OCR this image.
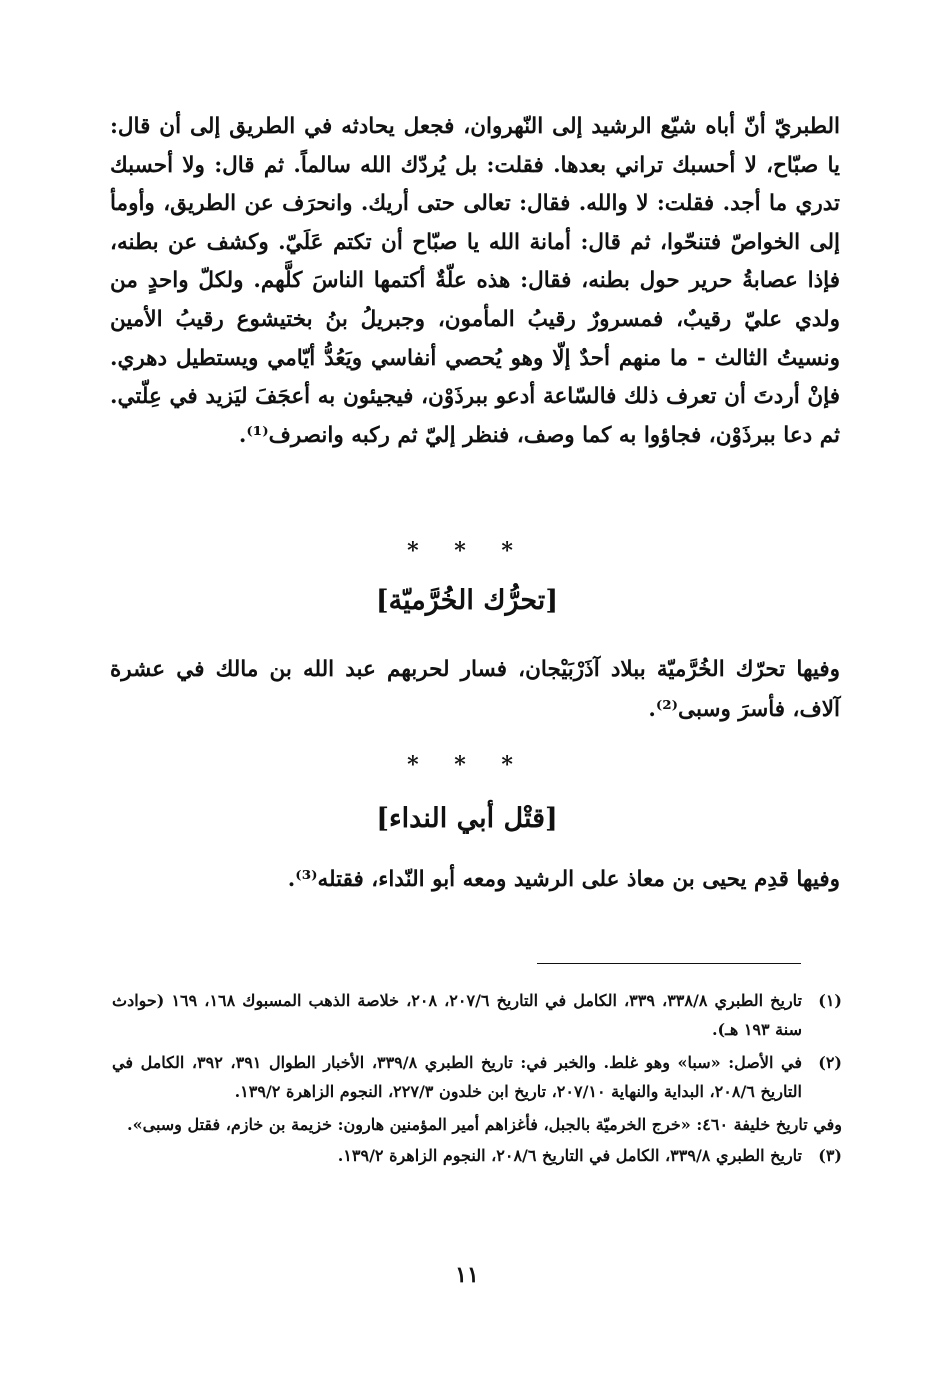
الطبريّ أنّ أباه شيّع الرشيد إلى النّهروان، فجعل يحادثه في الطريق إلى أن قال: يا صبّاح، لا أحسبك تراني بعدها. فقلت: بل يُردّك الله سالماً. ثم قال: ولا أحسبك تدري ما أجد. فقلت: لا والله. فقال: تعالى حتى أريك. وانحرَف عن الطريق، وأومأ إلى الخواصّ فتنحّوا، ثم قال: أمانة الله يا صبّاح أن تكتم عَلَيّ. وكشف عن بطنه، فإذا عصابةُ حرير حول بطنه، فقال: هذه علّةٌ أكتمها الناسَ كلَّهم. ولكلّ واحدٍ من ولدي عليّ رقيبٌ، فمسرورٌ رقيبُ المأمون، وجبريلُ بنُ بختيشوع رقيبُ الأمين ونسيتُ الثالث - ما منهم أحدٌ إلّا وهو يُحصي أنفاسي ويَعُدُّ أيّامي ويستطيل دهري. فإنْ أردتَ أن تعرف ذلك فالسّاعة أدعو ببرذَوْن، فيجيئون به أعجَفَ ليَزيد في عِلّتي. ثم دعا ببرذَوْن، فجاؤوا به كما وصف، فنظر إليّ ثم ركبه وانصرف⁽¹⁾.
* * *
[تحرُّك الخُرَّميّة]
وفيها تحرّك الخُرَّميّة ببلاد آذَرْبَيْجان، فسار لحربهم عبد الله بن مالك في عشرة آلاف، فأسرَ وسبى⁽²⁾.
* * *
[قتْل أبي النداء]
وفيها قدِم يحيى بن معاذ على الرشيد ومعه أبو النّداء، فقتله⁽³⁾.
(١)
تاريخ الطبري ٣٣٨/٨، ٣٣٩، الكامل في التاريخ ٢٠٧/٦، ٢٠٨، خلاصة الذهب المسبوك ١٦٨، ١٦٩ (حوادث سنة ١٩٣ هـ).
(٢)
في الأصل: «سبا» وهو غلط. والخبر في: تاريخ الطبري ٣٣٩/٨، الأخبار الطوال ٣٩١، ٣٩٢، الكامل في التاريخ ٢٠٨/٦، البداية والنهاية ٢٠٧/١٠، تاريخ ابن خلدون ٢٢٧/٣، النجوم الزاهرة ١٣٩/٢.
وفي تاريخ خليفة ٤٦٠: «خرج الخرميّة بالجبل، فأغزاهم أمير المؤمنين هارون: خزيمة بن خازم، فقتل وسبى».
(٣)
تاريخ الطبري ٣٣٩/٨، الكامل في التاريخ ٢٠٨/٦، النجوم الزاهرة ١٣٩/٢.
١١
